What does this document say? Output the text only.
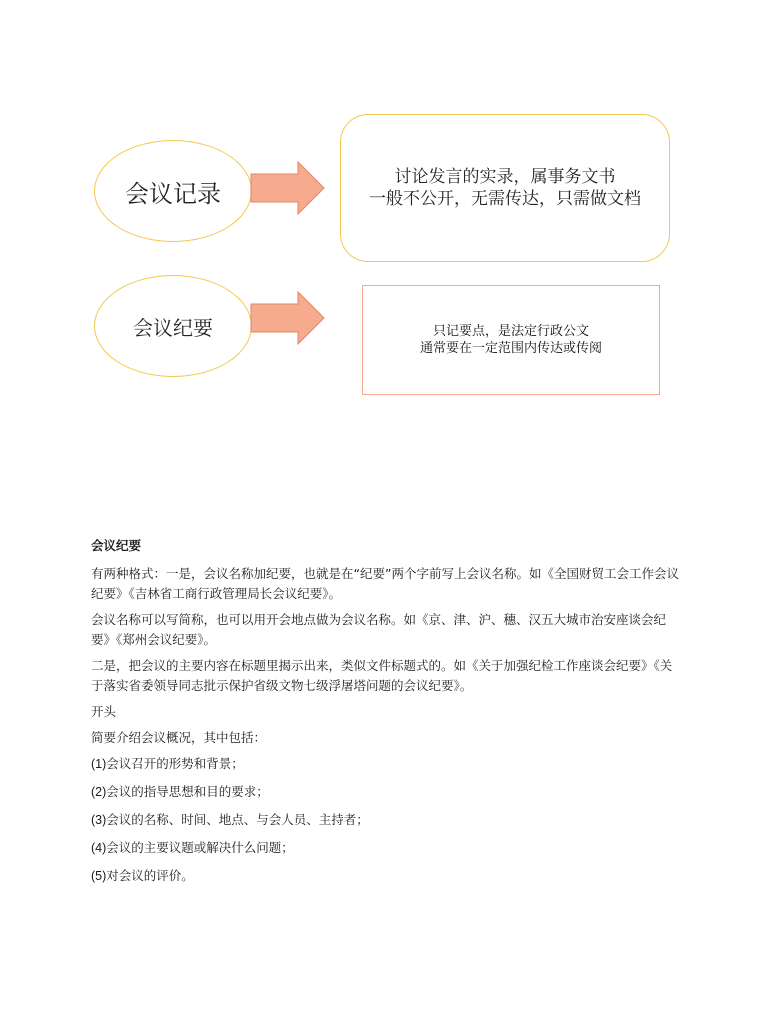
会议记录
讨论发言的实录，属事务文书
一般不公开，无需传达，只需做文档
会议纪要	只记要点，是法定行政公文
通常要在一定范围内传达或传阅
会议纪要

有两种格式：一是，会议名称加纪要，也就是在“纪要”两个字前写上会议名称。如《全国财贸工会工作会议纪要》《吉林省工商行政管理局长会议纪要》。

会议名称可以写简称，也可以用开会地点做为会议名称。如《京、津、沪、穗、汉五大城市治安座谈会纪要》《郑州会议纪要》。

二是，把会议的主要内容在标题里揭示出来，类似文件标题式的。如《关于加强纪检工作座谈会纪要》《关于落实省委领导同志批示保护省级文物七级浮屠塔问题的会议纪要》。

开头

简要介绍会议概况，其中包括：

(1)会议召开的形势和背景；
(2)会议的指导思想和目的要求；
(3)会议的名称、时间、地点、与会人员、主持者；
(4)会议的主要议题或解决什么问题；
(5)对会议的评价。
